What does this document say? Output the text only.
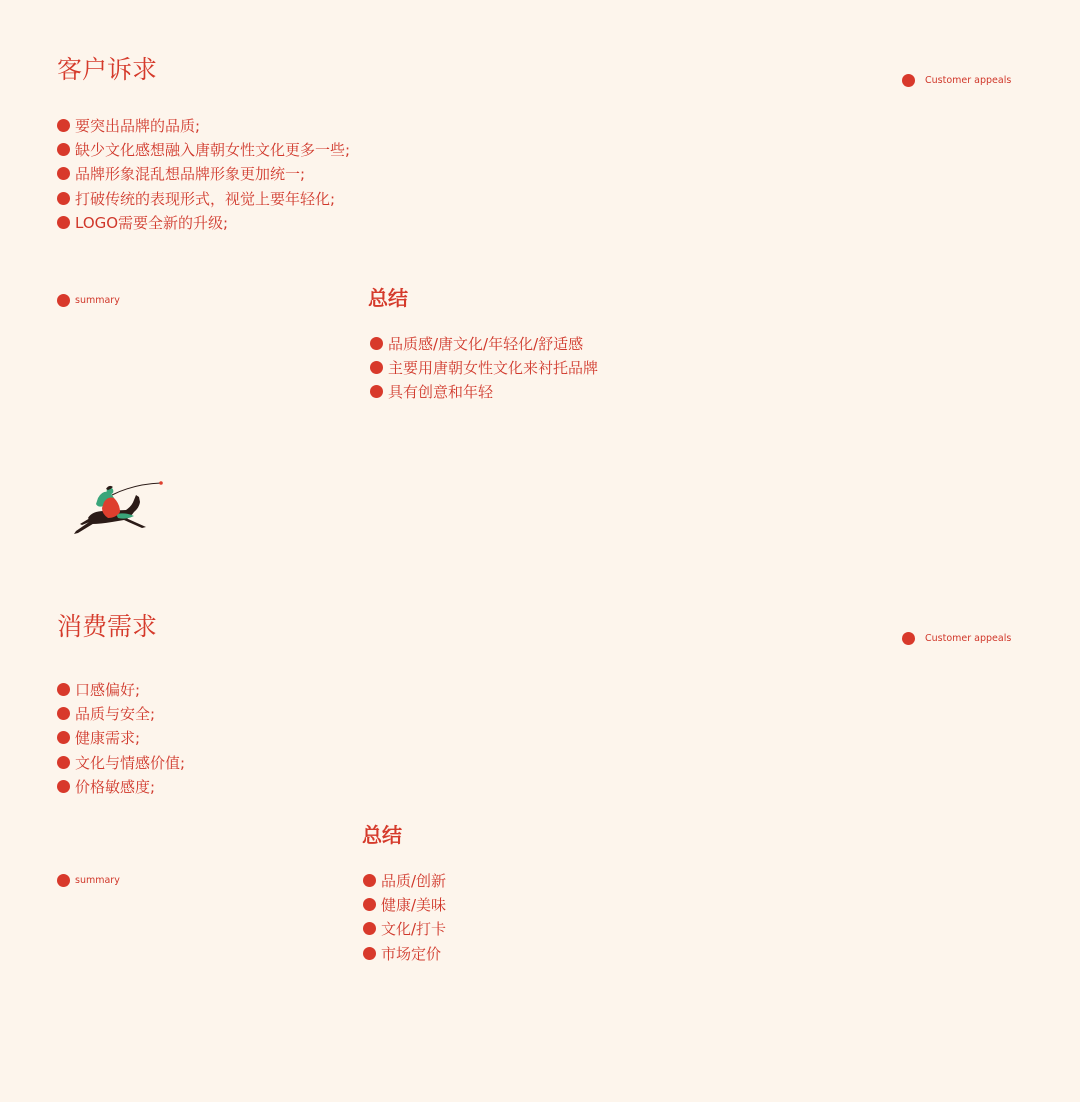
客户诉求	Customer appeals
要突出品牌的品质;
缺少文化感想融入唐朝女性文化更多一些;
品牌形象混乱想品牌形象更加统一;
打破传统的表现形式，视觉上要年轻化;
LOGO需要全新的升级;
summary	总结
品质感/唐文化/年轻化/舒适感
主要用唐朝女性文化来衬托品牌
具有创意和年轻
消费需求	Customer appeals
口感偏好;
品质与安全;
健康需求;
文化与情感价值;
价格敏感度;
总结
summary	品质/创新
健康/美味
文化/打卡
市场定价
